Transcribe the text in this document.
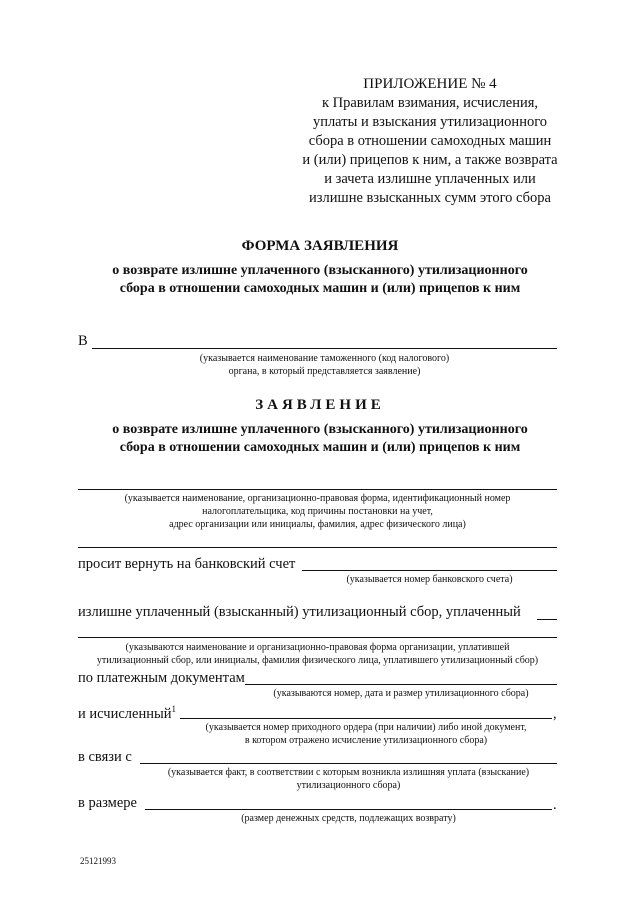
ПРИЛОЖЕНИЕ № 4
к Правилам взимания, исчисления,
уплаты и взыскания утилизационного
сбора в отношении самоходных машин
и (или) прицепов к ним, а также возврата
и зачета излишне уплаченных или
излишне взысканных сумм этого сбора
ФОРМА ЗАЯВЛЕНИЯ
о возврате излишне уплаченного (взысканного) утилизационного
сбора в отношении самоходных машин и (или) прицепов к ним
В
(указывается наименование таможенного (код налогового)
органа, в который представляется заявление)
ЗАЯВЛЕНИЕ
о возврате излишне уплаченного (взысканного) утилизационного
сбора в отношении самоходных машин и (или) прицепов к ним
(указывается наименование, организационно-правовая форма, идентификационный номер
налогоплательщика, код причины постановки на учет,
адрес организации или инициалы, фамилия, адрес физического лица)
просит вернуть на банковский счет
(указывается номер банковского счета)
излишне уплаченный (взысканный) утилизационный сбор, уплаченный
(указываются наименование и организационно-правовая форма организации, уплатившей
утилизационный сбор, или инициалы, фамилия физического лица, уплатившего утилизационный сбор)
по платежным документам
(указываются номер, дата и размер утилизационного сбора)
и исчисленный$^1$	,
(указывается номер приходного ордера (при наличии) либо иной документ,
в котором отражено исчисление утилизационного сбора)
в связи с
(указывается факт, в соответствии с которым возникла излишняя уплата (взыскание)
утилизационного сбора)
в размере	.
(размер денежных средств, подлежащих возврату)
25121993
